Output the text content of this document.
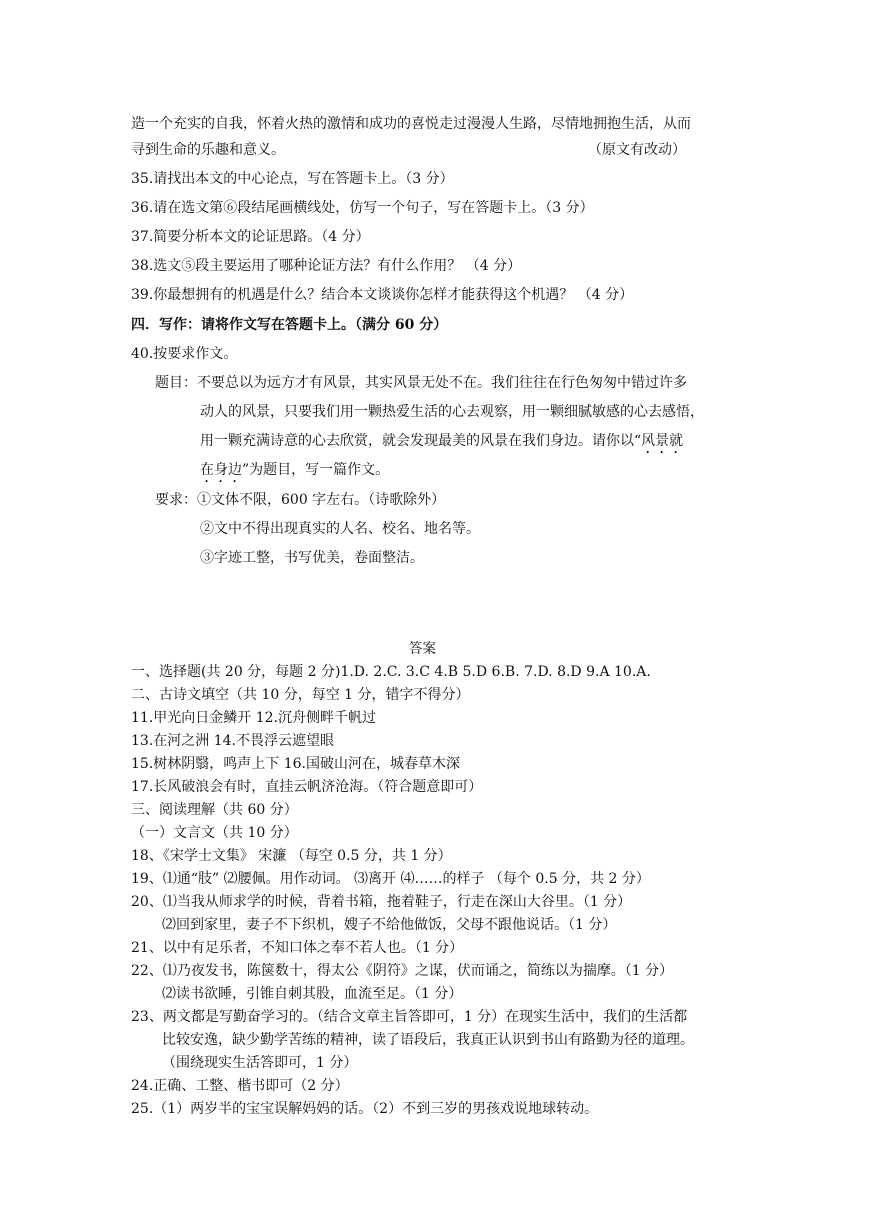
造一个充实的自我，怀着火热的激情和成功的喜悦走过漫漫人生路，尽情地拥抱生活，从而
寻到生命的乐趣和意义。	（原文有改动）
35.请找出本文的中心论点，写在答题卡上。（3 分）
36.请在选文第⑥段结尾画横线处，仿写一个句子，写在答题卡上。（3 分）
37.简要分析本文的论证思路。（4 分）
38.选文⑤段主要运用了哪种论证方法？有什么作用？ （4 分）
39.你最想拥有的机遇是什么？结合本文谈谈你怎样才能获得这个机遇？ （4 分）
四．写作：请将作文写在答题卡上。（满分 60 分）
40.按要求作文。
题目：不要总以为远方才有风景，其实风景无处不在。我们往往在行色匆匆中错过许多
动人的风景，只要我们用一颗热爱生活的心去观察，用一颗细腻敏感的心去感悟，
用一颗充满诗意的心去欣赏，就会发现最美的风景在我们身边。请你以“风景就
在身边”为题目，写一篇作文。
要求：①文体不限，600 字左右。（诗歌除外）
②文中不得出现真实的人名、校名、地名等。
③字迹工整，书写优美，卷面整洁。
答案
一、选择题(共 20 分，每题 2 分)1.D. 2.C. 3.C 4.B 5.D 6.B. 7.D. 8.D 9.A 10.A.
二、古诗文填空（共 10 分，每空 1 分，错字不得分）
11.甲光向日金鳞开 12.沉舟侧畔千帆过
13.在河之洲 14.不畏浮云遮望眼
15.树林阴翳，鸣声上下 16.国破山河在，城春草木深
17.长风破浪会有时，直挂云帆济沧海。（符合题意即可）
三、阅读理解（共 60 分）
（一）文言文（共 10 分）
18、《宋学士文集》 宋濂 （每空 0.5 分，共 1 分）
19、⑴通“肢” ⑵腰佩。用作动词。 ⑶离开 ⑷……的样子 （每个 0.5 分，共 2 分）
20、⑴当我从师求学的时候，背着书箱，拖着鞋子，行走在深山大谷里。（1 分）
⑵回到家里，妻子不下织机，嫂子不给他做饭，父母不跟他说话。（1 分）
21、以中有足乐者，不知口体之奉不若人也。（1 分）
22、⑴乃夜发书，陈箧数十，得太公《阴符》之谋，伏而诵之，简练以为揣摩。（1 分）
⑵读书欲睡，引锥自刺其股，血流至足。（1 分）
23、两文都是写勤奋学习的。（结合文章主旨答即可，1 分）在现实生活中，我们的生活都
比较安逸，缺少勤学苦练的精神，读了语段后，我真正认识到书山有路勤为径的道理。
（围绕现实生活答即可，1 分）
24.正确、工整、楷书即可（2 分）
25.（1）两岁半的宝宝误解妈妈的话。（2）不到三岁的男孩戏说地球转动。
